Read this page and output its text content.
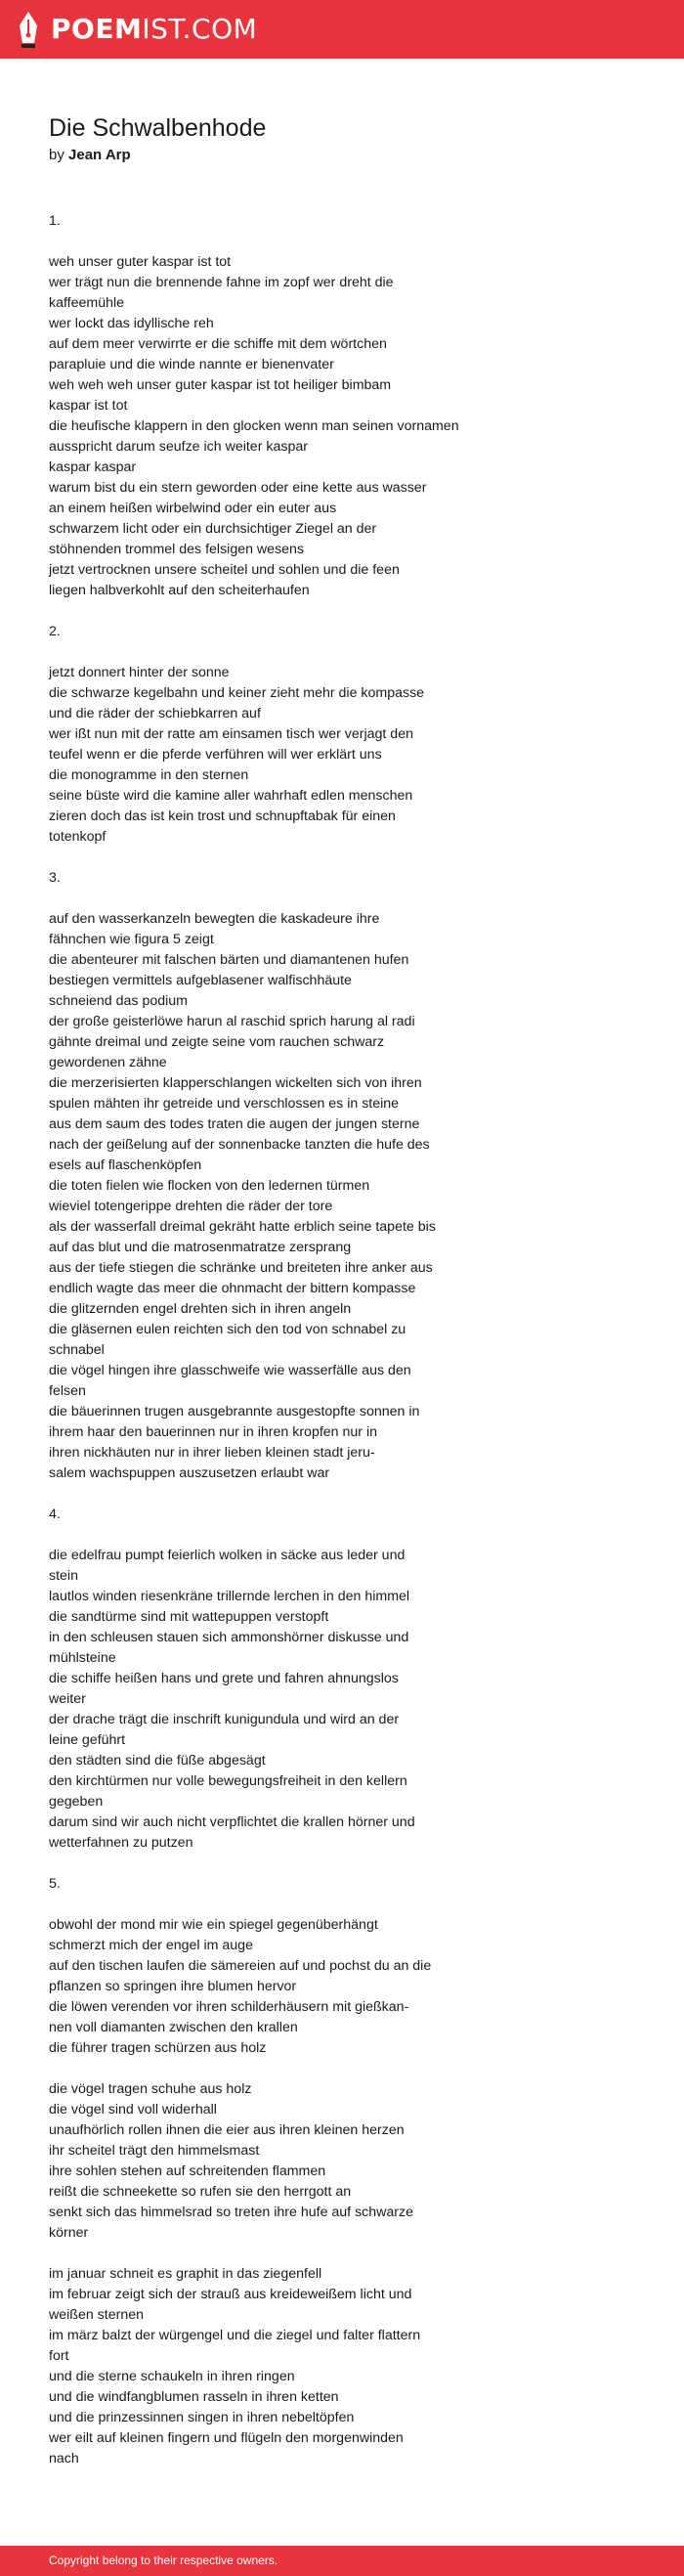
POEMIST.COM
Die Schwalbenhode
by Jean Arp
1.
weh unser guter kaspar ist tot
wer trägt nun die brennende fahne im zopf wer dreht die
kaffeemühle
wer lockt das idyllische reh
auf dem meer verwirrte er die schiffe mit dem wörtchen
parapluie und die winde nannte er bienenvater
weh weh weh unser guter kaspar ist tot heiliger bimbam
kaspar ist tot
die heufische klappern in den glocken wenn man seinen vornamen
ausspricht darum seufze ich weiter kaspar
kaspar kaspar
warum bist du ein stern geworden oder eine kette aus wasser
an einem heißen wirbelwind oder ein euter aus
schwarzem licht oder ein durchsichtiger Ziegel an der
stöhnenden trommel des felsigen wesens
jetzt vertrocknen unsere scheitel und sohlen und die feen
liegen halbverkohlt auf den scheiterhaufen
2.
jetzt donnert hinter der sonne
die schwarze kegelbahn und keiner zieht mehr die kompasse
und die räder der schiebkarren auf
wer ißt nun mit der ratte am einsamen tisch wer verjagt den
teufel wenn er die pferde verführen will wer erklärt uns
die monogramme in den sternen
seine büste wird die kamine aller wahrhaft edlen menschen
zieren doch das ist kein trost und schnupftabak für einen
totenkopf
3.
auf den wasserkanzeln bewegten die kaskadeure ihre
fähnchen wie figura 5 zeigt
die abenteurer mit falschen bärten und diamantenen hufen
bestiegen vermittels aufgeblasener walfischhäute
schneiend das podium
der große geisterlöwe harun al raschid sprich harung al radi
gähnte dreimal und zeigte seine vom rauchen schwarz
gewordenen zähne
die merzerisierten klapperschlangen wickelten sich von ihren
spulen mähten ihr getreide und verschlossen es in steine
aus dem saum des todes traten die augen der jungen sterne
nach der geißelung auf der sonnenbacke tanzten die hufe des
esels auf flaschenköpfen
die toten fielen wie flocken von den ledernen türmen
wieviel totengerippe drehten die räder der tore
als der wasserfall dreimal gekräht hatte erblich seine tapete bis
auf das blut und die matrosenmatratze zersprang
aus der tiefe stiegen die schränke und breiteten ihre anker aus
endlich wagte das meer die ohnmacht der bittern kompasse
die glitzernden engel drehten sich in ihren angeln
die gläsernen eulen reichten sich den tod von schnabel zu
schnabel
die vögel hingen ihre glasschweife wie wasserfälle aus den
felsen
die bäuerinnen trugen ausgebrannte ausgestopfte sonnen in
ihrem haar den bauerinnen nur in ihren kropfen nur in
ihren nickhäuten nur in ihrer lieben kleinen stadt jeru-
salem wachspuppen auszusetzen erlaubt war
4.
die edelfrau pumpt feierlich wolken in säcke aus leder und
stein
lautlos winden riesenkräne trillernde lerchen in den himmel
die sandtürme sind mit wattepuppen verstopft
in den schleusen stauen sich ammonshörner diskusse und
mühlsteine
die schiffe heißen hans und grete und fahren ahnungslos
weiter
der drache trägt die inschrift kunigundula und wird an der
leine geführt
den städten sind die füße abgesägt
den kirchtürmen nur volle bewegungsfreiheit in den kellern
gegeben
darum sind wir auch nicht verpflichtet die krallen hörner und
wetterfahnen zu putzen
5.
obwohl der mond mir wie ein spiegel gegenüberhängt
schmerzt mich der engel im auge
auf den tischen laufen die sämereien auf und pochst du an die
pflanzen so springen ihre blumen hervor
die löwen verenden vor ihren schilderhäusern mit gießkan-
nen voll diamanten zwischen den krallen
die führer tragen schürzen aus holz
die vögel tragen schuhe aus holz
die vögel sind voll widerhall
unaufhörlich rollen ihnen die eier aus ihren kleinen herzen
ihr scheitel trägt den himmelsmast
ihre sohlen stehen auf schreitenden flammen
reißt die schneekette so rufen sie den herrgott an
senkt sich das himmelsrad so treten ihre hufe auf schwarze
körner
im januar schneit es graphit in das ziegenfell
im februar zeigt sich der strauß aus kreideweißem licht und
weißen sternen
im märz balzt der würgengel und die ziegel und falter flattern
fort
und die sterne schaukeln in ihren ringen
und die windfangblumen rasseln in ihren ketten
und die prinzessinnen singen in ihren nebeltöpfen
wer eilt auf kleinen fingern und flügeln den morgenwinden
nach
Copyright belong to their respective owners.
